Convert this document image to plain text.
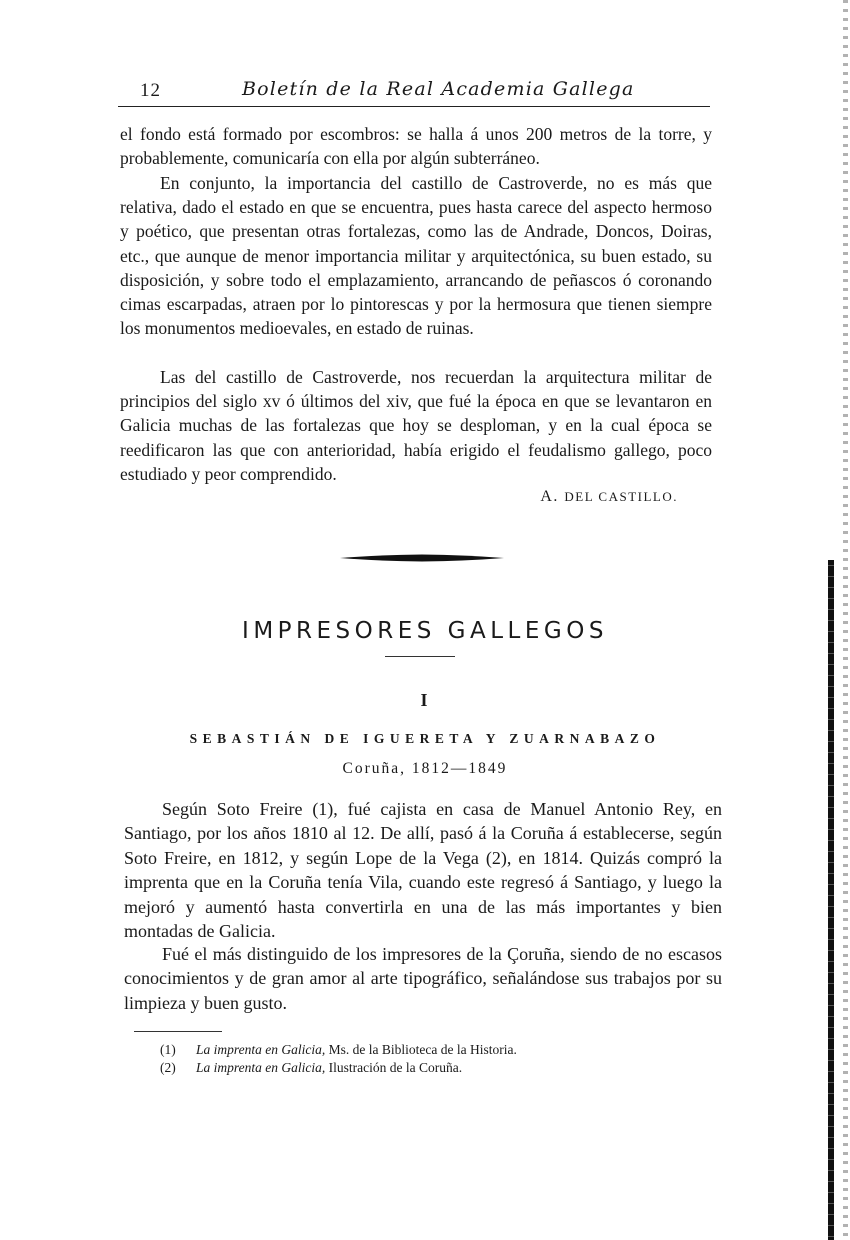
12	Boletín de la Real Academia Gallega

el fondo está formado por escombros: se halla á unos 200 metros de la torre, y probablemente, comunicaría con ella por algún subterráneo.

En conjunto, la importancia del castillo de Castroverde, no es más que relativa, dado el estado en que se encuentra, pues hasta carece del aspecto hermoso y poético, que presentan otras fortalezas, como las de Andrade, Doncos, Doiras, etc., que aunque de menor importancia militar y arquitectónica, su buen estado, su disposición, y sobre todo el emplazamiento, arrancando de peñascos ó coronando cimas escarpadas, atraen por lo pintorescas y por la hermosura que tienen siempre los monumentos medioevales, en estado de ruinas.

Las del castillo de Castroverde, nos recuerdan la arquitectura militar de principios del siglo xv ó últimos del xiv, que fué la época en que se levantaron en Galicia muchas de las fortalezas que hoy se desploman, y en la cual época se reedificaron las que con anterioridad, había erigido el feudalismo gallego, poco estudiado y peor comprendido.

A. DEL CASTILLO.
IMPRESORES GALLEGOS
I
SEBASTIÁN DE IGUERETA Y ZUARNABAZO
Coruña, 1812—1849

Según Soto Freire (1), fué cajista en casa de Manuel Antonio Rey, en Santiago, por los años 1810 al 12. De allí, pasó á la Coruña á establecerse, según Soto Freire, en 1812, y según Lope de la Vega (2), en 1814. Quizás compró la imprenta que en la Coruña tenía Vila, cuando este regresó á Santiago, y luego la mejoró y aumentó hasta convertirla en una de las más importantes y bien montadas de Galicia.

Fué el más distinguido de los impresores de la Çoruña, siendo de no escasos conocimientos y de gran amor al arte tipográfico, señalándose sus trabajos por su limpieza y buen gusto.

(1) La imprenta en Galicia, Ms. de la Biblioteca de la Historia.
(2) La imprenta en Galicia, Ilustración de la Coruña.
